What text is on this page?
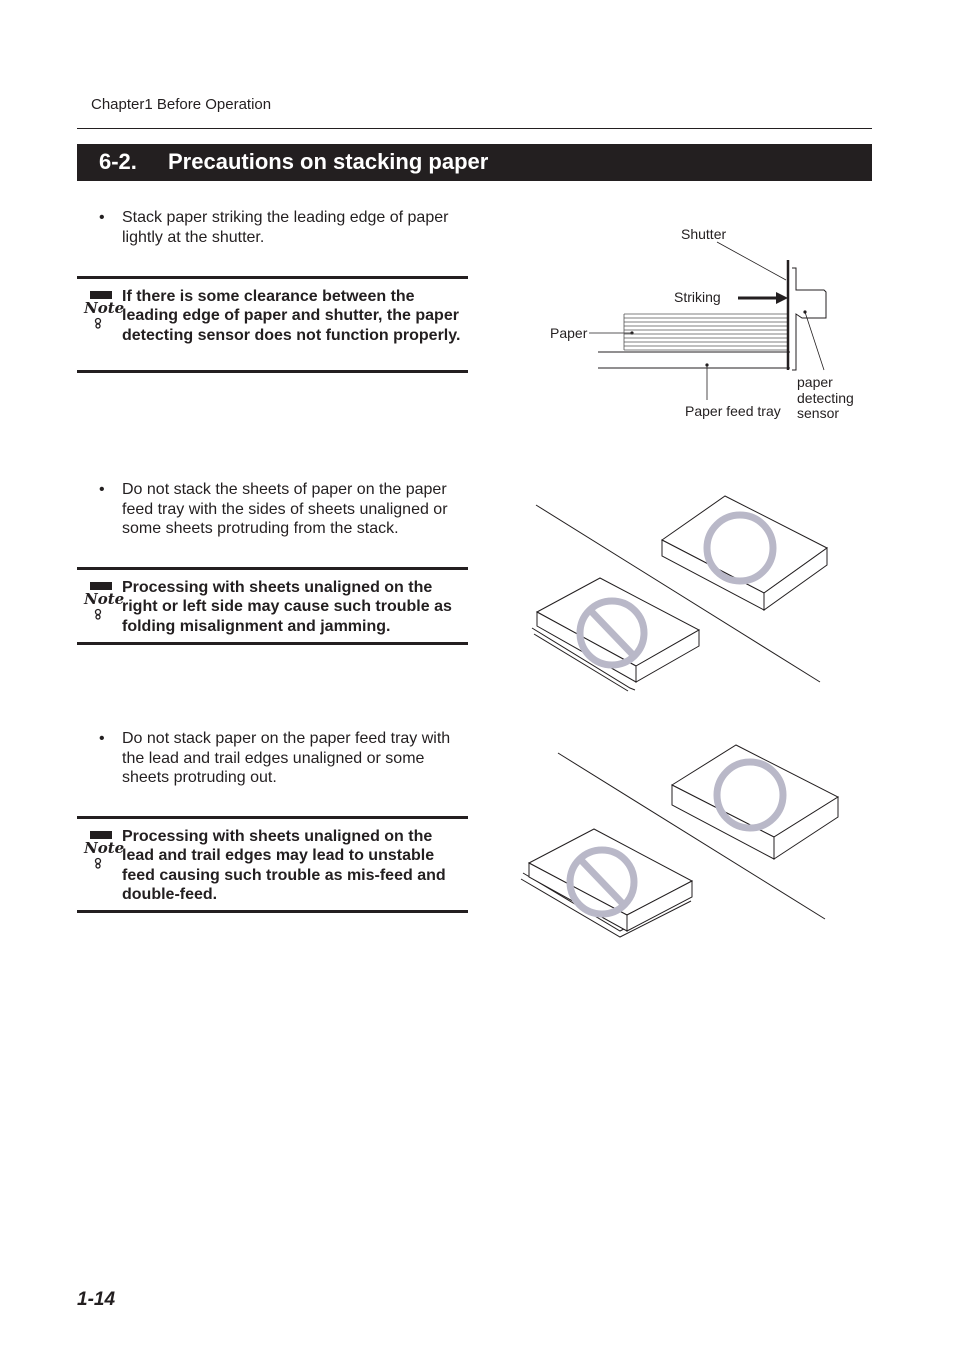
Chapter1 Before Operation
6-2. Precautions on stacking paper
• Stack paper striking the leading edge of paper lightly at the shutter.
Note
If there is some clearance between the leading edge of paper and shutter, the paper detecting sensor does not function properly.
• Do not stack the sheets of paper on the paper feed tray with the sides of sheets unaligned or some sheets protruding from the stack.
Note
Processing with sheets unaligned on the right or left side may cause such trouble as folding misalignment and jamming.
• Do not stack paper on the paper feed tray with the lead and trail edges unaligned or some sheets protruding out.
Note
Processing with sheets unaligned on the lead and trail edges may lead to unstable feed causing such trouble as mis-feed and double-feed.
Shutter
Striking
Paper
Paper feed tray
paper
detecting
sensor
1-14
